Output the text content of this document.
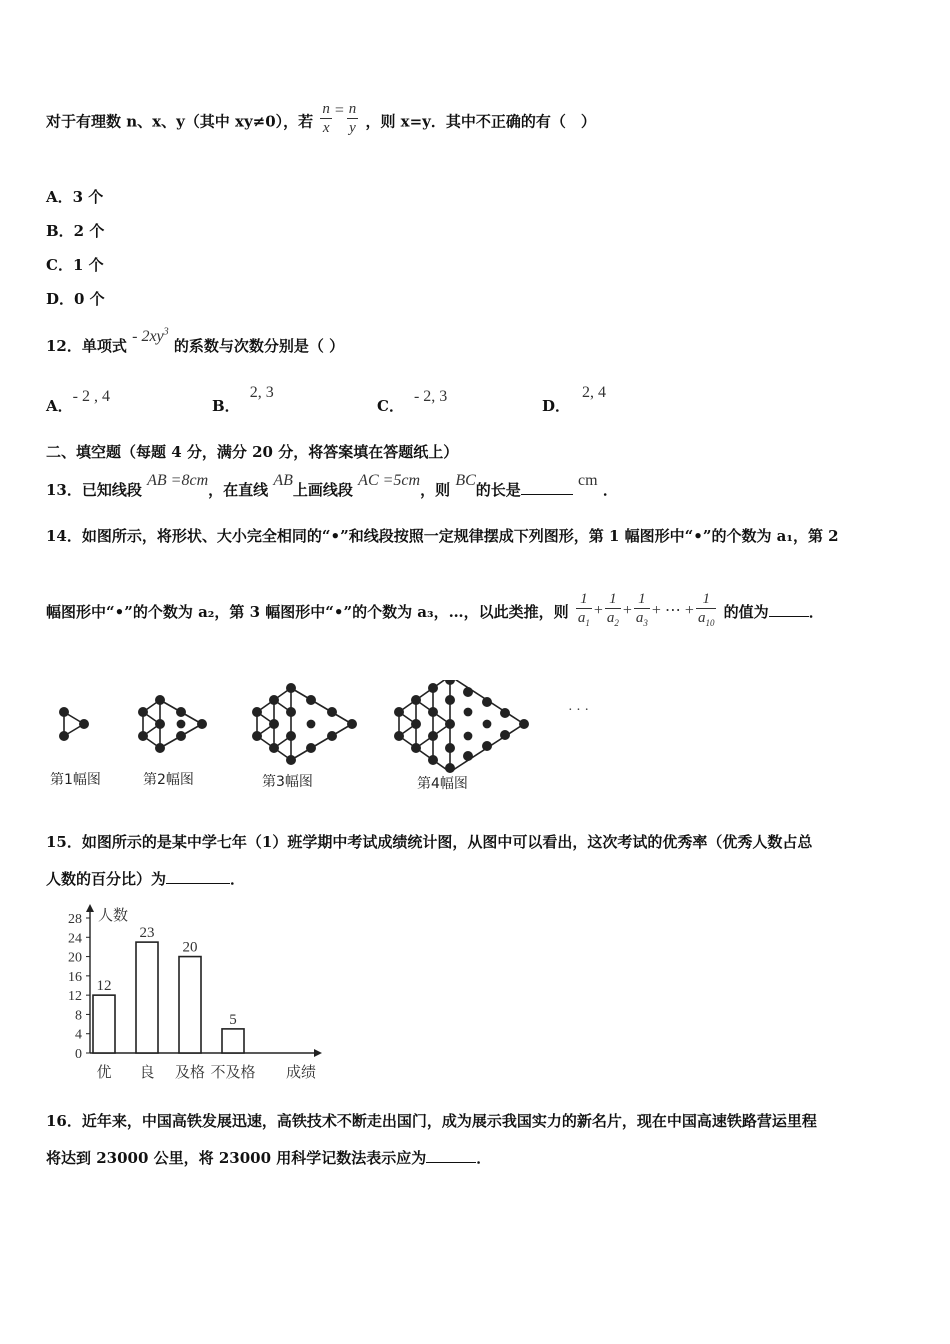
对于有理数 n、x、y（其中 xy≠0），若 $\frac{n}{x} = \frac{n}{y}$ ，则 x=y．其中不正确的有（　）
A．3 个
B．2 个
C．1 个
D．0 个
12．单项式 - $2xy^3$ 的系数与次数分别是（ ）
A．- 2 , 4
B．2, 3
C．- 2, 3
D．2, 4
二、填空题（每题 4 分，满分 20 分，将答案填在答题纸上）
13．已知线段 AB =8cm，在直线 AB上画线段 AC =5cm，则 BC的长是 cm ．
14．如图所示，将形状、大小完全相同的“•”和线段按照一定规律摆成下列图形，第 1 幅图形中“•”的个数为 a₁，第 2
幅图形中“•”的个数为 a₂，第 3 幅图形中“•”的个数为 a₃，…，以此类推，则 $\frac{1}{a_1} + \frac{1}{a_2} + \frac{1}{a_3}$ + ⋯ + $\frac{1}{a_{10}}$ 的值为	．
· · ·
第1幅图	第2幅图	第3幅图	第4幅图
15．如图所示的是某中学七年（1）班学期中考试成绩统计图，从图中可以看出，这次考试的优秀率（优秀人数占总
人数的百分比）为	．
人数
成绩
0
4
8
12
16
20
24
28
12
优
23
良
20
及格
5
不及格
16．近年来，中国高铁发展迅速，高铁技术不断走出国门，成为展示我国实力的新名片，现在中国高速铁路营运里程
将达到 23000 公里，将 23000 用科学记数法表示应为	．
